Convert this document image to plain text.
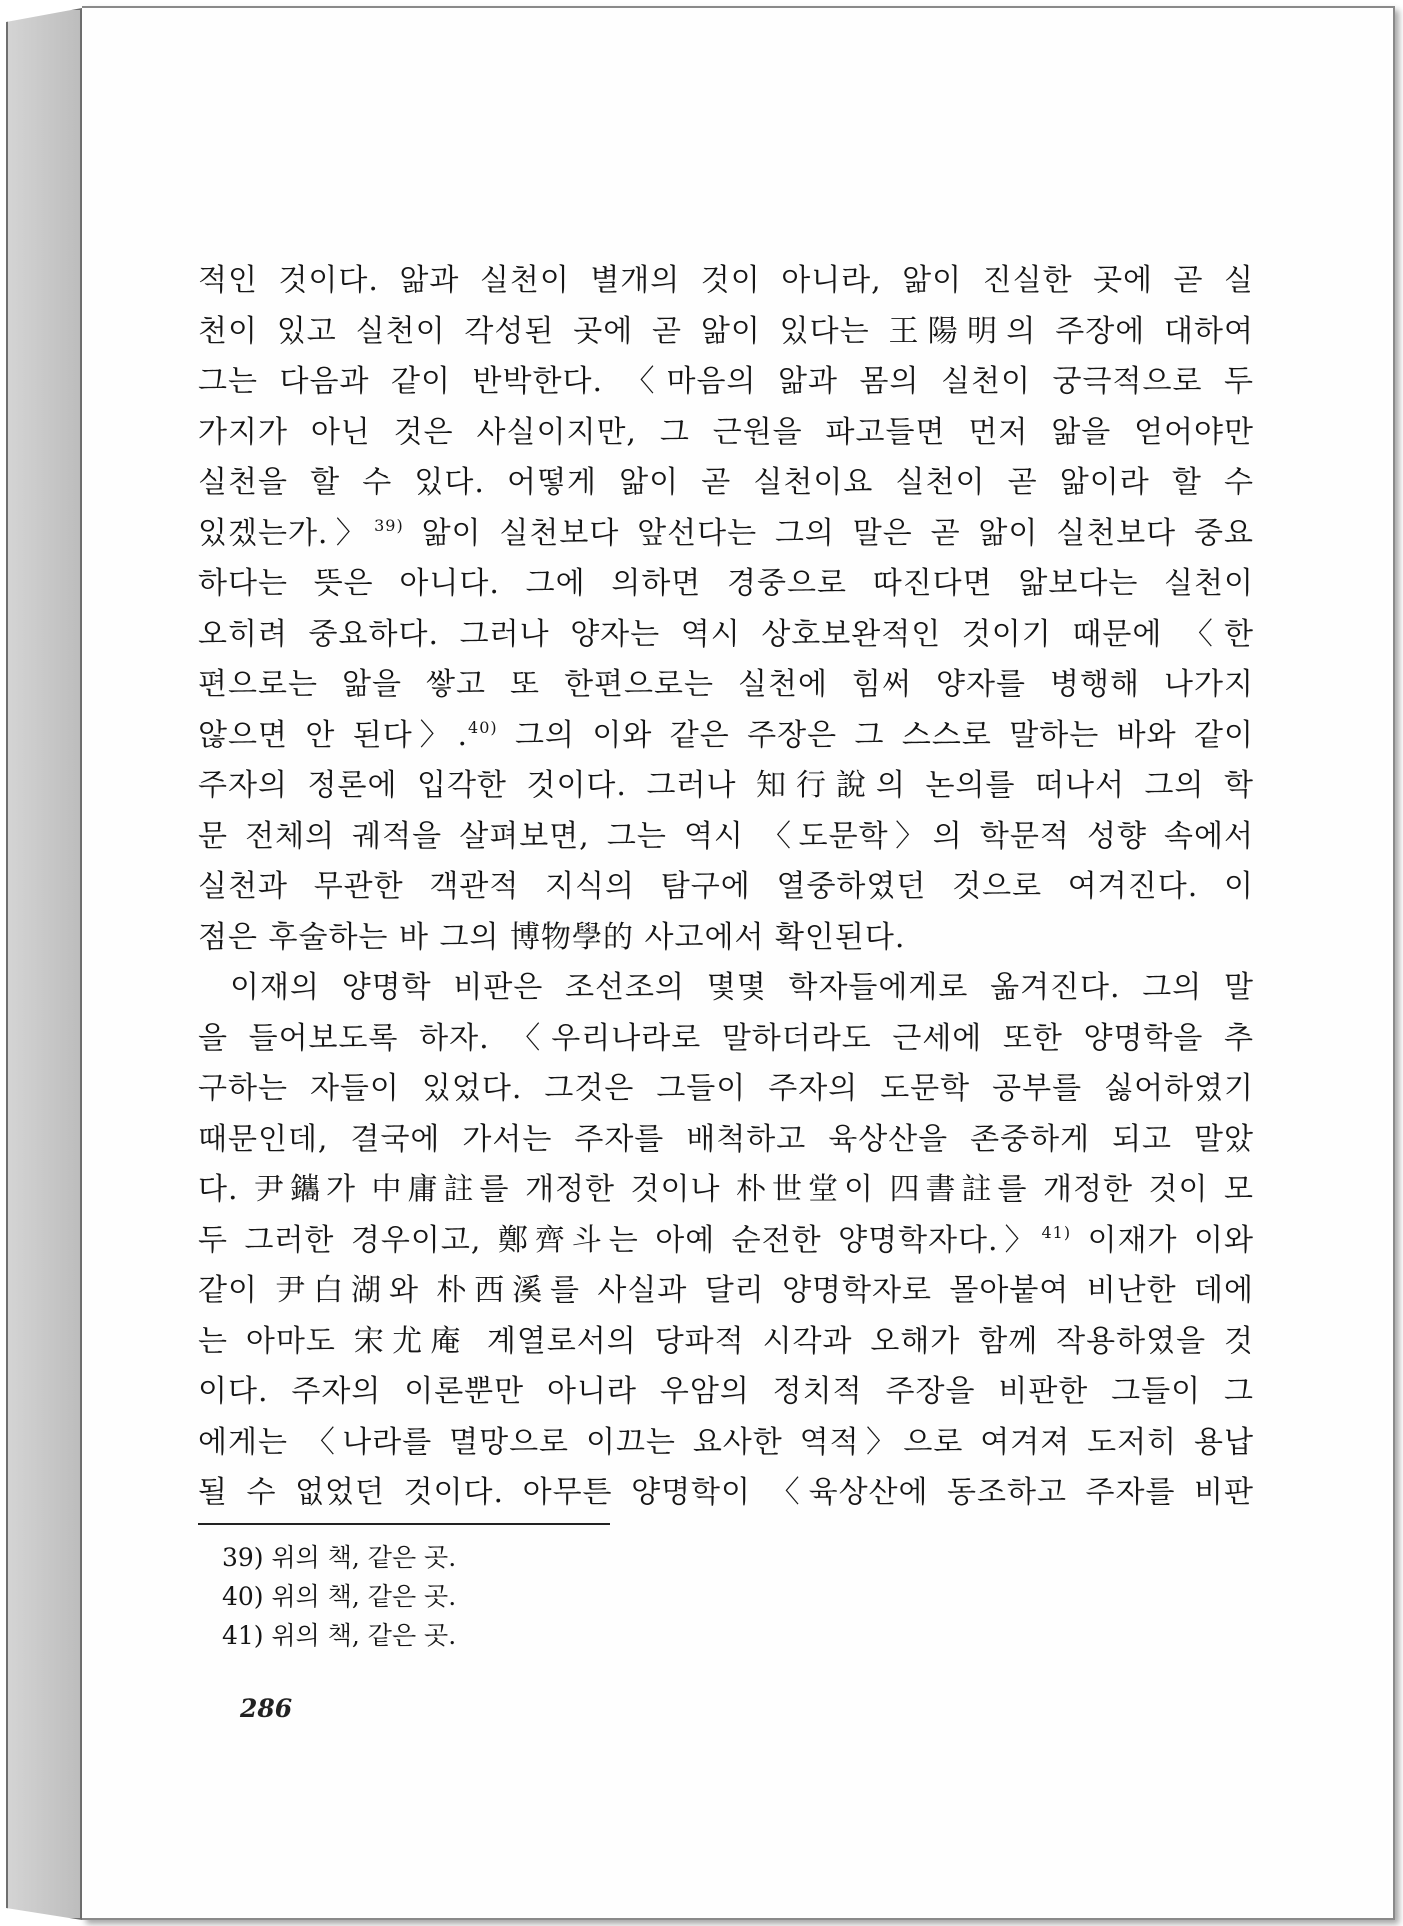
적인 것이다. 앎과 실천이 별개의 것이 아니라, 앎이 진실한 곳에 곧 실
천이 있고 실천이 각성된 곳에 곧 앎이 있다는 王陽明의 주장에 대하여
그는 다음과 같이 반박한다. 〈마음의 앎과 몸의 실천이 궁극적으로 두
가지가 아닌 것은 사실이지만, 그 근원을 파고들면 먼저 앎을 얻어야만
실천을 할 수 있다. 어떻게 앎이 곧 실천이요 실천이 곧 앎이라 할 수
있겠는가.〉$^{39)}$ 앎이 실천보다 앞선다는 그의 말은 곧 앎이 실천보다 중요
하다는 뜻은 아니다. 그에 의하면 경중으로 따진다면 앎보다는 실천이
오히려 중요하다. 그러나 양자는 역시 상호보완적인 것이기 때문에 〈한
편으로는 앎을 쌓고 또 한편으로는 실천에 힘써 양자를 병행해 나가지
않으면 안 된다〉.$^{40)}$ 그의 이와 같은 주장은 그 스스로 말하는 바와 같이
주자의 정론에 입각한 것이다. 그러나 知行說의 논의를 떠나서 그의 학
문 전체의 궤적을 살펴보면, 그는 역시 〈도문학〉의 학문적 성향 속에서
실천과 무관한 객관적 지식의 탐구에 열중하였던 것으로 여겨진다. 이
점은 후술하는 바 그의 博物學的 사고에서 확인된다.
이재의 양명학 비판은 조선조의 몇몇 학자들에게로 옮겨진다. 그의 말
을 들어보도록 하자. 〈우리나라로 말하더라도 근세에 또한 양명학을 추
구하는 자들이 있었다. 그것은 그들이 주자의 도문학 공부를 싫어하였기
때문인데, 결국에 가서는 주자를 배척하고 육상산을 존중하게 되고 말았
다. 尹鑴가 中庸註를 개정한 것이나 朴世堂이 四書註를 개정한 것이 모
두 그러한 경우이고, 鄭齊斗는 아예 순전한 양명학자다.〉$^{41)}$ 이재가 이와
같이 尹白湖와 朴西溪를 사실과 달리 양명학자로 몰아붙여 비난한 데에
는 아마도 宋尤庵 계열로서의 당파적 시각과 오해가 함께 작용하였을 것
이다. 주자의 이론뿐만 아니라 우암의 정치적 주장을 비판한 그들이 그
에게는 〈나라를 멸망으로 이끄는 요사한 역적〉으로 여겨져 도저히 용납
될 수 없었던 것이다. 아무튼 양명학이 〈육상산에 동조하고 주자를 비판
39) 위의 책, 같은 곳.
40) 위의 책, 같은 곳.
41) 위의 책, 같은 곳.
286
